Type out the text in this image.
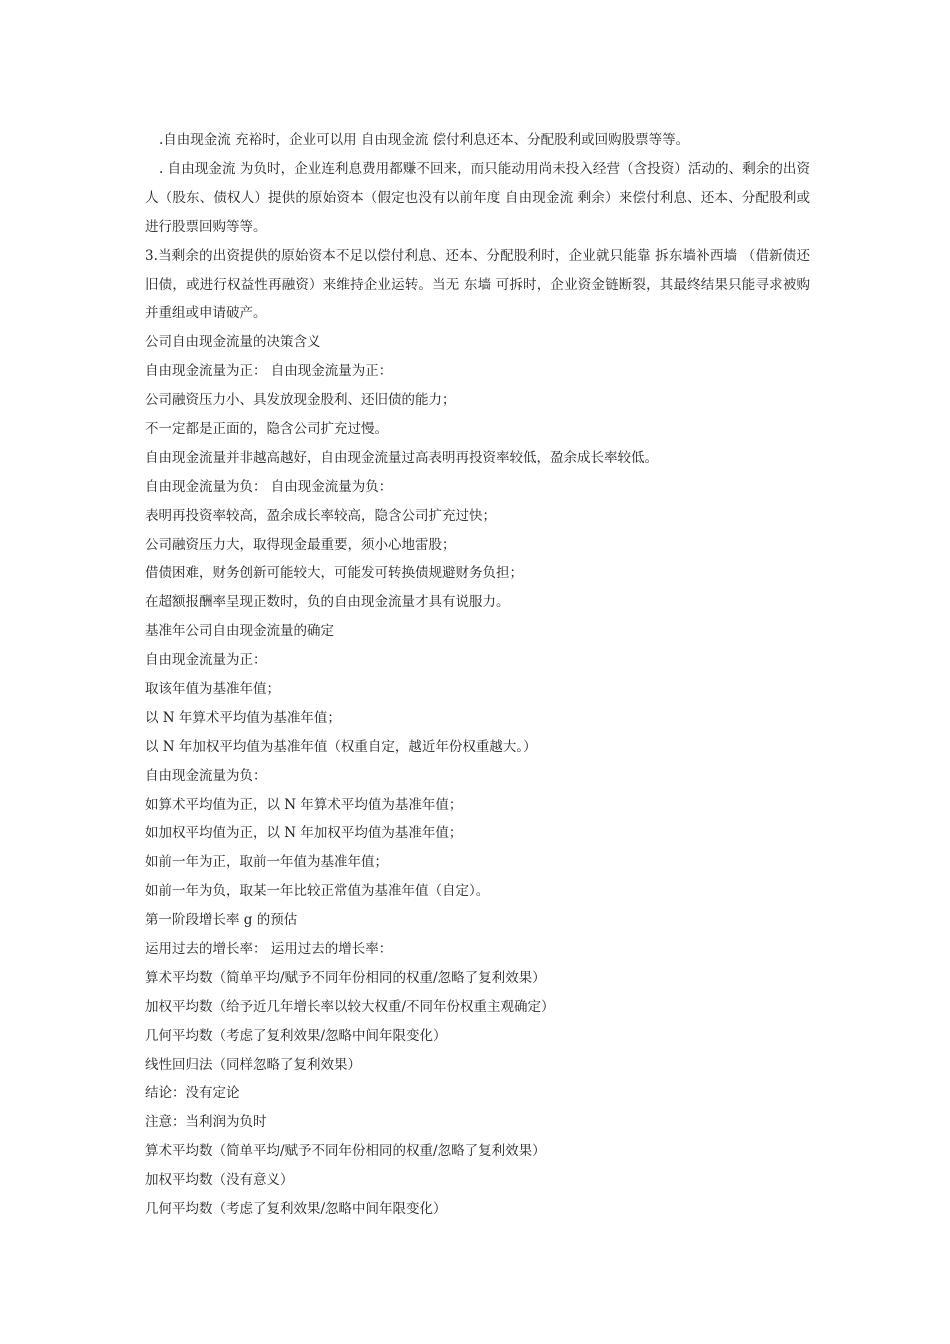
.自由现金流 充裕时，企业可以用 自由现金流 偿付利息还本、分配股利或回购股票等等。
. 自由现金流 为负时，企业连利息费用都赚不回来，而只能动用尚未投入经营（含投资）活动的、剩余的出资人（股东、债权人）提供的原始资本（假定也没有以前年度 自由现金流 剩余）来偿付利息、还本、分配股利或进行股票回购等等。
3.当剩余的出资提供的原始资本不足以偿付利息、还本、分配股利时，企业就只能靠 拆东墙补西墙 （借新债还旧债，或进行权益性再融资）来维持企业运转。当无 东墙 可拆时，企业资金链断裂，其最终结果只能寻求被购并重组或申请破产。
公司自由现金流量的决策含义
自由现金流量为正： 自由现金流量为正：
公司融资压力小、具发放现金股利、还旧债的能力；
不一定都是正面的，隐含公司扩充过慢。
自由现金流量并非越高越好，自由现金流量过高表明再投资率较低，盈余成长率较低。
自由现金流量为负： 自由现金流量为负：
表明再投资率较高，盈余成长率较高，隐含公司扩充过快；
公司融资压力大，取得现金最重要，须小心地雷股；
借债困难，财务创新可能较大，可能发可转换债规避财务负担；
在超额报酬率呈现正数时，负的自由现金流量才具有说服力。
基准年公司自由现金流量的确定
自由现金流量为正：
取该年值为基准年值；
以 N 年算术平均值为基准年值；
以 N 年加权平均值为基准年值（权重自定，越近年份权重越大。）
自由现金流量为负：
如算术平均值为正，以 N 年算术平均值为基准年值；
如加权平均值为正，以 N 年加权平均值为基准年值；
如前一年为正，取前一年值为基准年值；
如前一年为负，取某一年比较正常值为基准年值（自定）。
第一阶段增长率 g 的预估
运用过去的增长率： 运用过去的增长率：
算术平均数（简单平均/赋予不同年份相同的权重/忽略了复利效果）
加权平均数（给予近几年增长率以较大权重/不同年份权重主观确定）
几何平均数（考虑了复利效果/忽略中间年限变化）
线性回归法（同样忽略了复利效果）
结论：没有定论
注意：当利润为负时
算术平均数（简单平均/赋予不同年份相同的权重/忽略了复利效果）
加权平均数（没有意义）
几何平均数（考虑了复利效果/忽略中间年限变化）
